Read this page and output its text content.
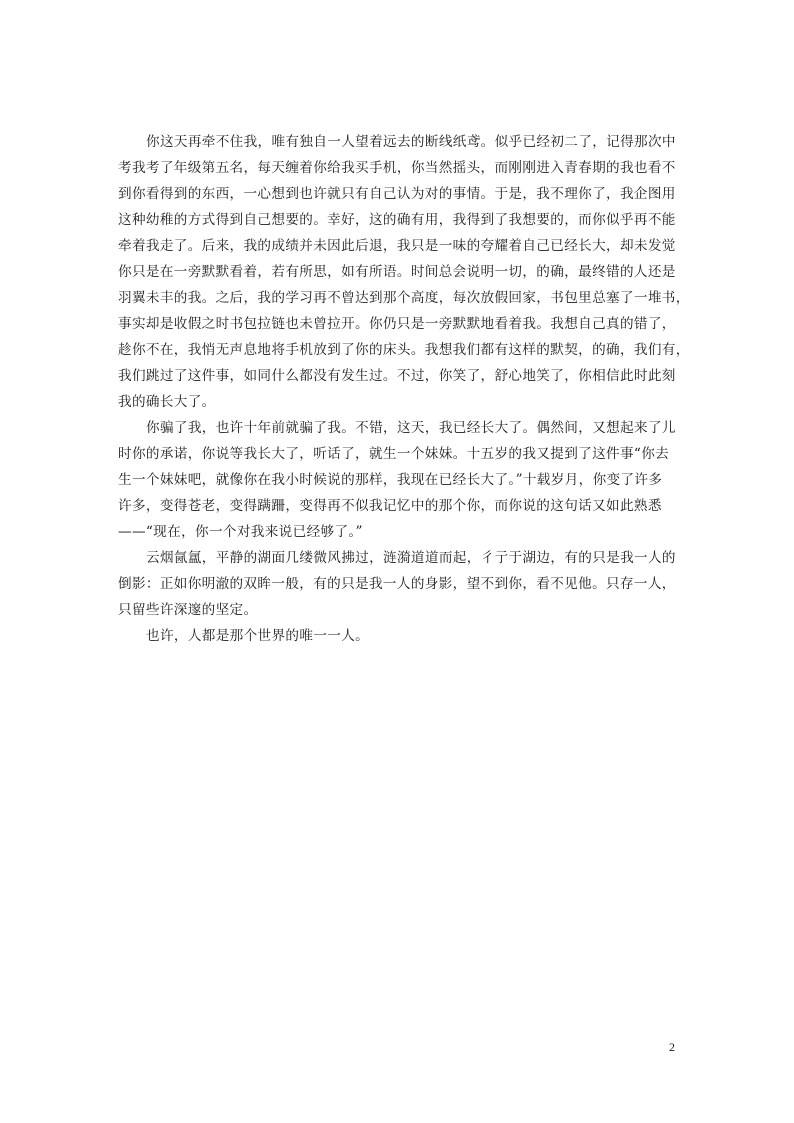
你这天再牵不住我，唯有独自一人望着远去的断线纸鸢。似乎已经初二了，记得那次中
考我考了年级第五名，每天缠着你给我买手机，你当然摇头，而刚刚进入青春期的我也看不
到你看得到的东西，一心想到也许就只有自己认为对的事情。于是，我不理你了，我企图用
这种幼稚的方式得到自己想要的。幸好，这的确有用，我得到了我想要的，而你似乎再不能
牵着我走了。后来，我的成绩并未因此后退，我只是一味的夸耀着自己已经长大，却未发觉
你只是在一旁默默看着，若有所思，如有所语。时间总会说明一切，的确，最终错的人还是
羽翼未丰的我。之后，我的学习再不曾达到那个高度，每次放假回家，书包里总塞了一堆书，
事实却是收假之时书包拉链也未曾拉开。你仍只是一旁默默地看着我。我想自己真的错了，
趁你不在，我悄无声息地将手机放到了你的床头。我想我们都有这样的默契，的确，我们有，
我们跳过了这件事，如同什么都没有发生过。不过，你笑了，舒心地笑了，你相信此时此刻
我的确长大了。
你骗了我，也许十年前就骗了我。不错，这天，我已经长大了。偶然间，又想起来了儿
时你的承诺，你说等我长大了，听话了，就生一个妹妹。十五岁的我又提到了这件事“你去
生一个妹妹吧，就像你在我小时候说的那样，我现在已经长大了。”十载岁月，你变了许多
许多，变得苍老，变得蹒跚，变得再不似我记忆中的那个你，而你说的这句话又如此熟悉
——“现在，你一个对我来说已经够了。”
云烟氤氲，平静的湖面几缕微风拂过，涟漪道道而起，彳亍于湖边，有的只是我一人的
倒影：正如你明澈的双眸一般，有的只是我一人的身影，望不到你，看不见他。只存一人，
只留些许深邃的坚定。
也许，人都是那个世界的唯一一人。
2
